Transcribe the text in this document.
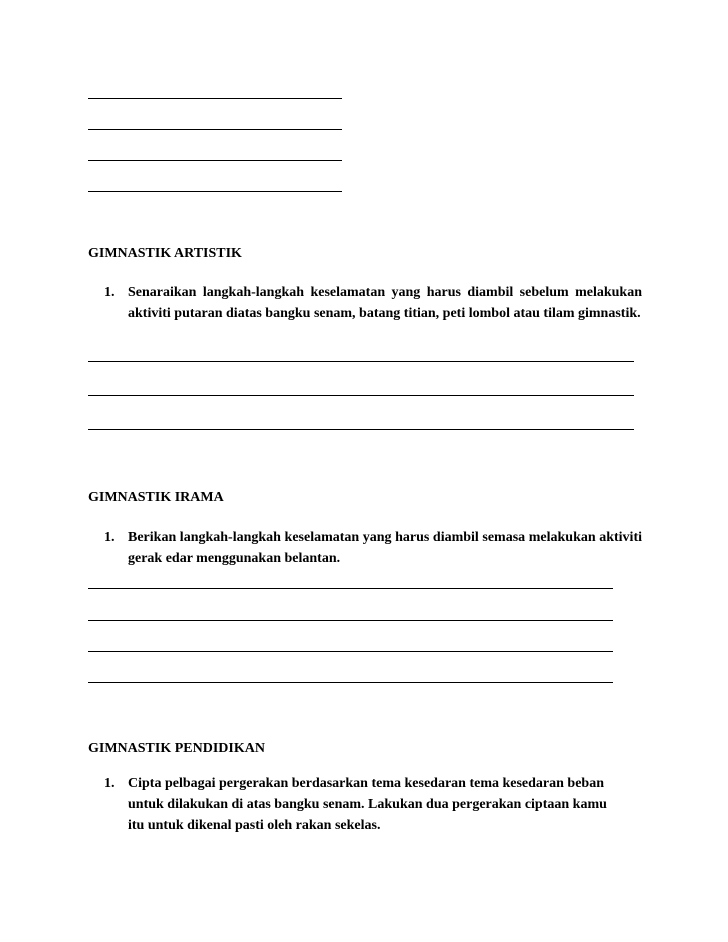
GIMNASTIK ARTISTIK
1. Senaraikan langkah-langkah keselamatan yang harus diambil sebelum melakukan aktiviti putaran diatas bangku senam, batang titian, peti lombol atau tilam gimnastik.
GIMNASTIK IRAMA
1. Berikan langkah-langkah keselamatan yang harus diambil semasa melakukan aktiviti gerak edar menggunakan belantan.
GIMNASTIK PENDIDIKAN
1. Cipta pelbagai pergerakan berdasarkan tema kesedaran tema kesedaran beban untuk dilakukan di atas bangku senam. Lakukan dua pergerakan ciptaan kamu itu untuk dikenal pasti oleh rakan sekelas.
